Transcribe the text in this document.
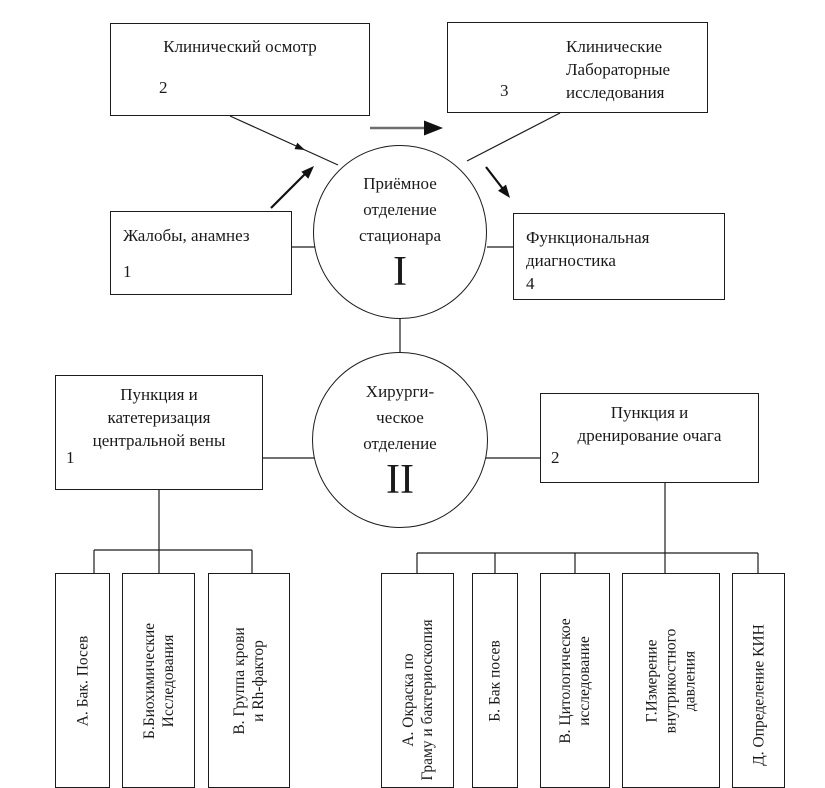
Клинический осмотр
2
Клинические
Лабораторные
исследования
3
Жалобы, анамнез
1
Функциональная
диагностика
4
Приёмное
отделение
стационара
I
Хирурги-
ческое
отделение
II
Пункция и
катетеризация
центральной вены
1
Пункция и
дренирование очага
2
А. Бак. Посев	Б.Биохимические Исследования	В. Группа крови и Rh-фактор	А. Окраска по Граму и бактериоскопия	Б. Бак посев	В. Цитологическое исследование	Г.Измерение внутрикостного давления	Д. Определение КИН
